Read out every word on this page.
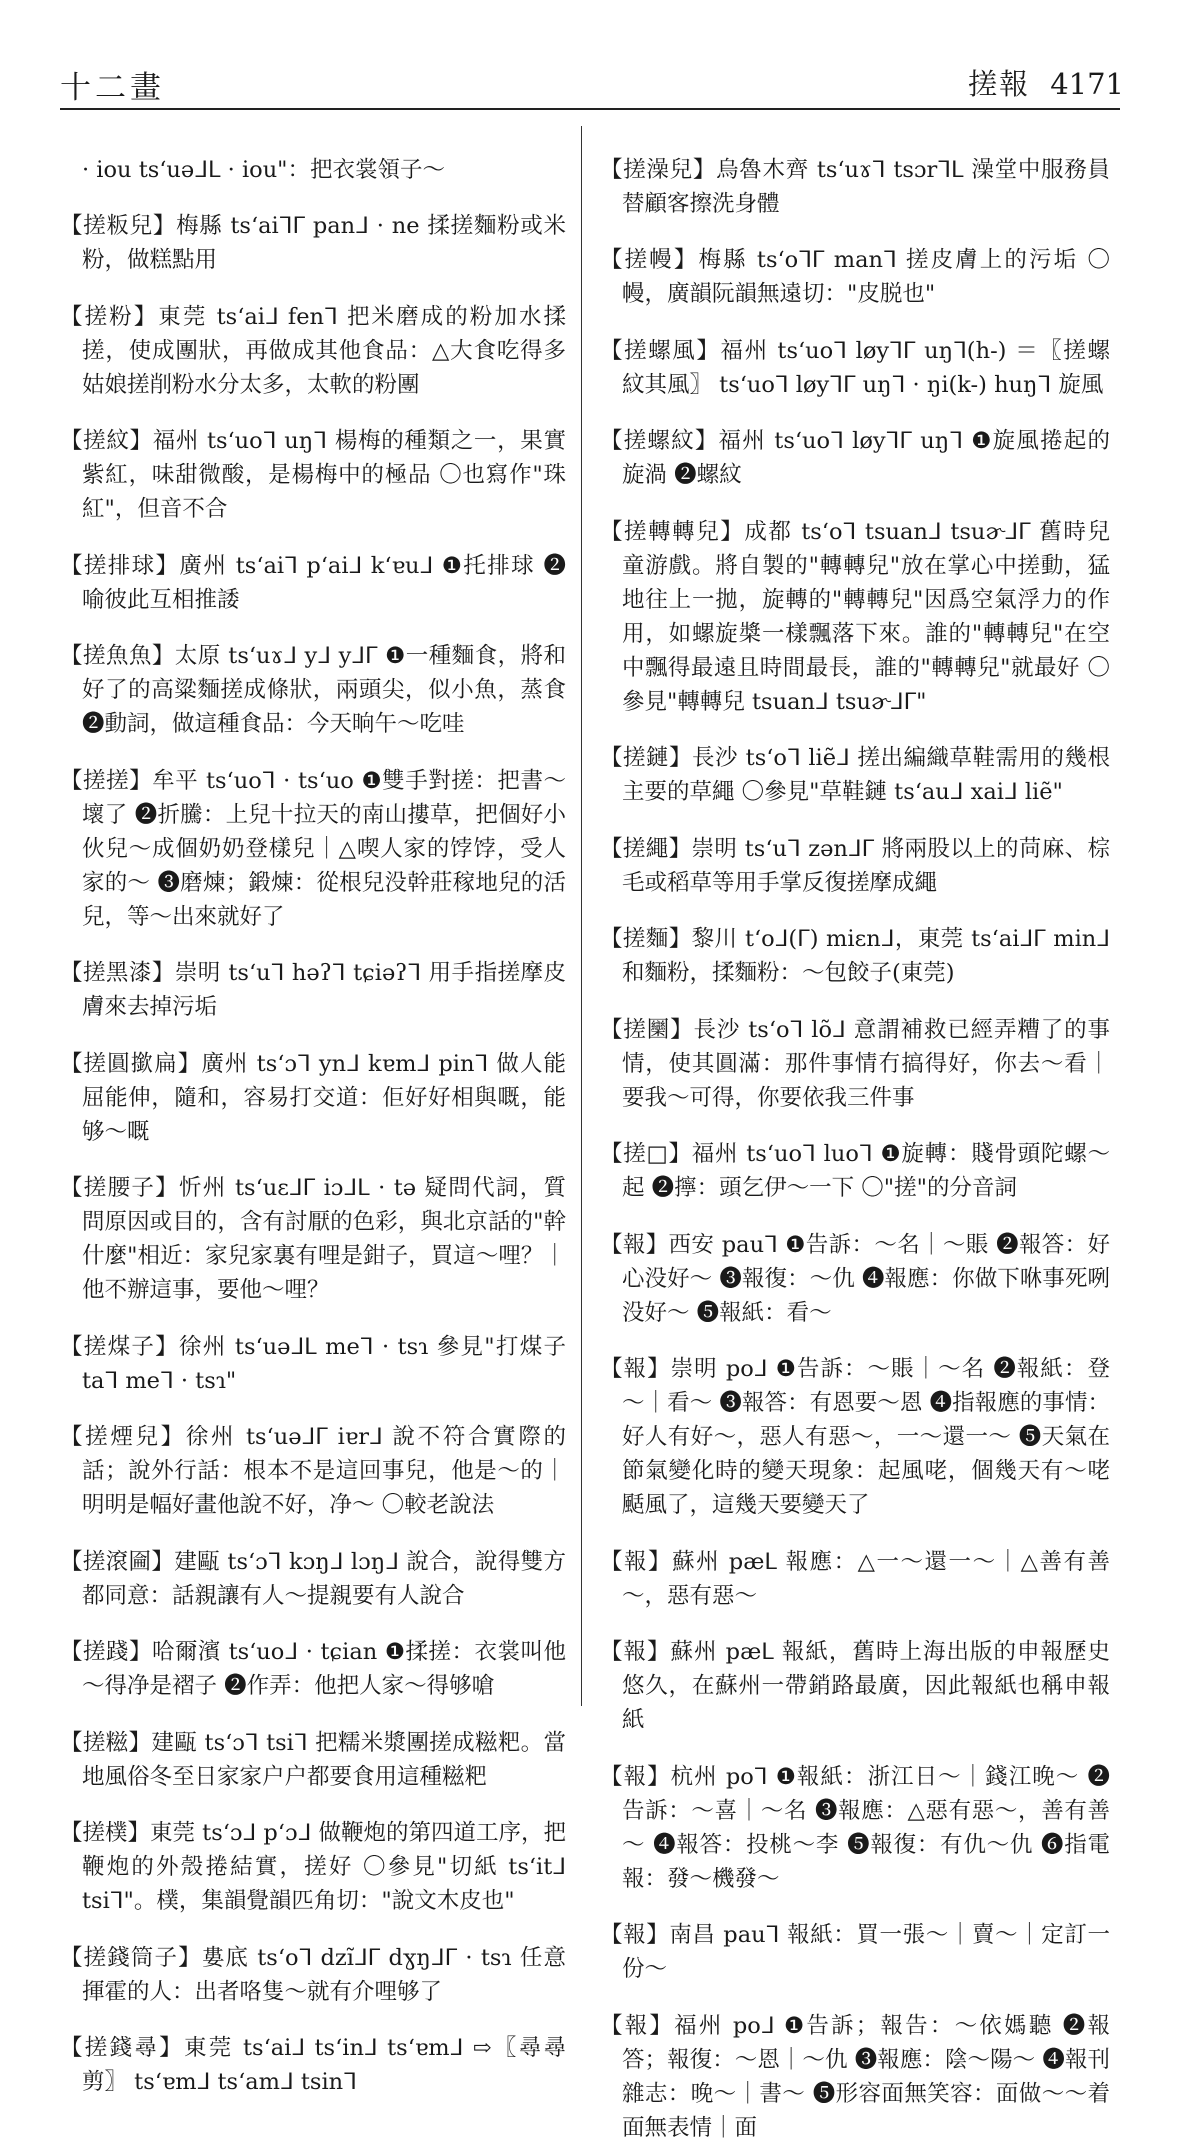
十二畫	搓報 4171

· iou tsʻuəᒧᒪ · iou"：把衣裳領子～

【搓粄兒】梅縣 tsʻaiᒣᒥ panᒧ · ne 揉搓麵粉或米粉，做糕點用

【搓粉】東莞 tsʻaiᒧ fenᒣ 把米磨成的粉加水揉搓，使成團狀，再做成其他食品：△大食吃得多姑娘搓削粉水分太多，太軟的粉團

【搓紋】福州 tsʻuoᒣ uŋᒣ 楊梅的種類之一，果實紫紅，味甜微酸，是楊梅中的極品 〇也寫作"珠紅"，但音不合

【搓排球】廣州 tsʻaiᒣ pʻaiᒧ kʻɐuᒧ ❶托排球 ❷喻彼此互相推諉

【搓魚魚】太原 tsʻuɤᒧ yᒧ yᒧᒥ ❶一種麵食，將和好了的高粱麵搓成條狀，兩頭尖，似小魚，蒸食 ❷動詞，做這種食品：今天晌午～吃哇

【搓搓】牟平 tsʻuoᒣ · tsʻuo ❶雙手對搓：把書～壞了 ❷折騰：上兒十拉天的南山摟草，把個好小伙兒～成個奶奶登樣兒｜△喫人家的饽饽，受人家的～ ❸磨煉；鍛煉：從根兒没幹莊稼地兒的活兒，等～出來就好了

【搓黑漆】崇明 tsʻuᒣ həʔᒣ tɕiəʔᒣ 用手指搓摩皮膚來去掉污垢

【搓圓撳扁】廣州 tsʻɔᒣ ynᒧ kɐmᒧ pinᒣ 做人能屈能伸，隨和，容易打交道：佢好好相與嘅，能够～嘅

【搓腰子】忻州 tsʻuɛᒧᒥ iɔᒧᒪ · tə 疑問代詞，質問原因或目的，含有討厭的色彩，與北京話的"幹什麼"相近：家兒家裏有哩是鉗子，買這～哩？｜他不辦這事，要他～哩？

【搓煤子】徐州 tsʻuəᒧᒪ meᒣ · tsɿ 參見"打煤子 taᒣ meᒣ · tsɿ"

【搓煙兒】徐州 tsʻuəᒧᒥ iɐrᒧ 說不符合實際的話；說外行話：根本不是這回事兒，他是～的｜明明是幅好畫他說不好，净～ 〇較老說法

【搓滾圇】建甌 tsʻɔᒣ kɔŋᒧ lɔŋᒧ 說合，說得雙方都同意：話親讓有人～提親要有人說合

【搓踐】哈爾濱 tsʻuoᒧ · tɕian ❶揉搓：衣裳叫他～得净是褶子 ❷作弄：他把人家～得够嗆

【搓糍】建甌 tsʻɔᒣ tsiᒣ 把糯米漿團搓成糍粑。當地風俗冬至日家家户户都要食用這種糍粑

【搓樸】東莞 tsʻɔᒧ pʻɔᒧ 做鞭炮的第四道工序，把鞭炮的外殼捲結實，搓好 〇參見"切紙 tsʻitᒧ tsiᒣ"。樸，集韻覺韻匹角切："說文木皮也"

【搓錢筒子】婁底 tsʻoᒣ dzĩᒧᒥ dɣŋᒧᒥ · tsɿ 任意揮霍的人：出者咯隻～就有介哩够了

【搓錢尋】東莞 tsʻaiᒧ tsʻinᒧ tsʻɐmᒧ ⇨〖尋尋剪〗 tsʻɐmᒧ tsʻamᒧ tsinᒣ

【搓澡兒】烏魯木齊 tsʻuɤᒣ tsɔrᒣᒪ 澡堂中服務員替顧客擦洗身體

【搓幔】梅縣 tsʻoᒣᒥ manᒣ 搓皮膚上的污垢 〇幔，廣韻阮韻無遠切："皮脱也"

【搓螺風】福州 tsʻuoᒣ løyᒣᒥ uŋᒣ(h-) ＝〖搓螺紋其風〗 tsʻuoᒣ løyᒣᒥ uŋᒣ · ŋi(k-) huŋᒣ 旋風

【搓螺紋】福州 tsʻuoᒣ løyᒣᒥ uŋᒣ ❶旋風捲起的旋渦 ❷螺紋

【搓轉轉兒】成都 tsʻoᒣ tsuanᒧ tsuɚᒧᒥ 舊時兒童游戲。將自製的"轉轉兒"放在掌心中搓動，猛地往上一拋，旋轉的"轉轉兒"因爲空氣浮力的作用，如螺旋槳一樣飄落下來。誰的"轉轉兒"在空中飄得最遠且時間最長，誰的"轉轉兒"就最好 〇參見"轉轉兒 tsuanᒧ tsuɚᒧᒥ"

【搓鏈】長沙 tsʻoᒣ liẽᒧ 搓出編織草鞋需用的幾根主要的草繩 〇參見"草鞋鏈 tsʻauᒧ xaiᒧ liẽ"

【搓繩】崇明 tsʻuᒣ zənᒧᒥ 將兩股以上的苘麻、棕毛或稻草等用手掌反復搓摩成繩

【搓麵】黎川 tʻoᒧ(ᒥ) miɛnᒧ，東莞 tsʻaiᒧᒥ minᒧ 和麵粉，揉麵粉：～包餃子(東莞)

【搓圞】長沙 tsʻoᒣ lõᒧ 意謂補救已經弄糟了的事情，使其圓滿：那件事情冇搞得好，你去～看｜要我～可得，你要依我三件事

【搓□】福州 tsʻuoᒣ luoᒣ ❶旋轉：賤骨頭陀螺～起 ❷擰：頭乞伊～一下 〇"搓"的分音詞

【報】西安 pauᒣ ❶告訴：～名｜～賬 ❷報答：好心没好～ ❸報復：～仇 ❹報應：你做下咻事死咧没好～ ❺報紙：看～

【報】崇明 poᒧ ❶告訴：～賬｜～名 ❷報紙：登～｜看～ ❸報答：有恩要～恩 ❹指報應的事情：好人有好～，惡人有惡～，一～還一～ ❺天氣在節氣變化時的變天現象：起風咾，個幾天有～咾颳風了，這幾天要變天了

【報】蘇州 pæᒪ 報應：△一～還一～｜△善有善～，惡有惡～

【報】蘇州 pæᒪ 報紙，舊時上海出版的申報歷史悠久，在蘇州一帶銷路最廣，因此報紙也稱申報紙

【報】杭州 poᒣ ❶報紙：浙江日～｜錢江晚～ ❷告訴：～喜｜～名 ❸報應：△惡有惡～，善有善～ ❹報答：投桃～李 ❺報復：有仇～仇 ❻指電報：發～機發～

【報】南昌 pauᒣ 報紙：買一張～｜賣～｜定訂一份～

【報】福州 poᒧ ❶告訴；報告：～依媽聽 ❷報答；報復：～恩｜～仇 ❸報應：陰～陽～ ❹報刊雜志：晚～｜書～ ❺形容面無笑容：面做～～着面無表情｜面
